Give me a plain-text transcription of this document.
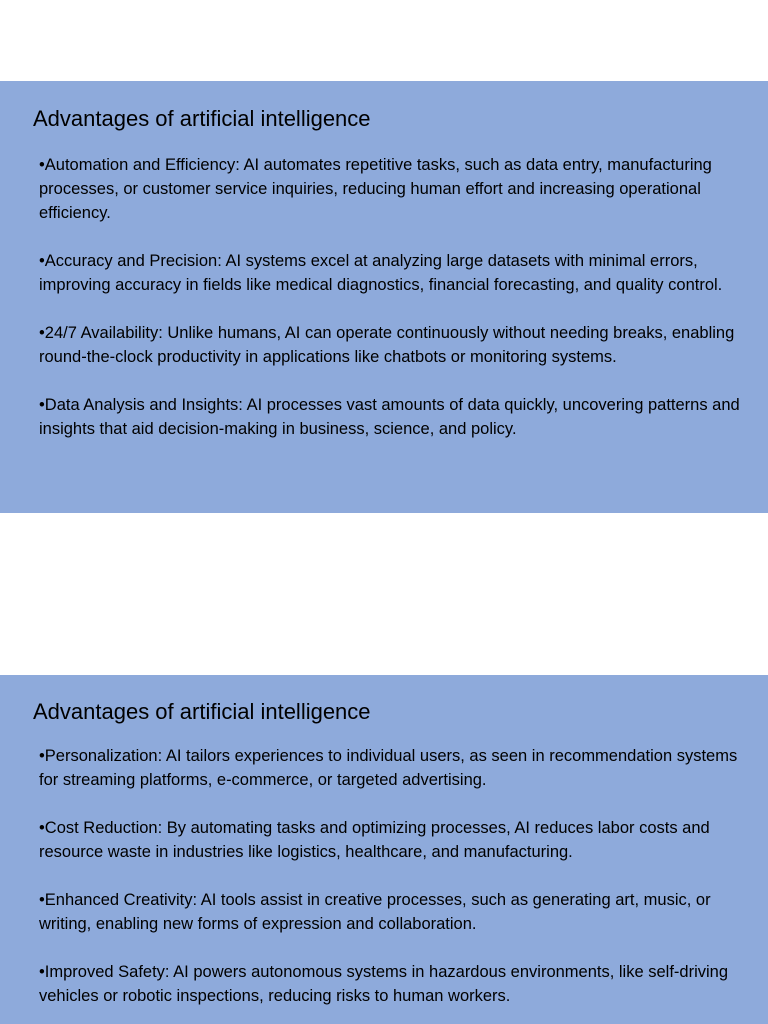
Advantages of artificial intelligence
•Automation and Efficiency: AI automates repetitive tasks, such as data entry, manufacturing processes, or customer service inquiries, reducing human effort and increasing operational efficiency.
•Accuracy and Precision: AI systems excel at analyzing large datasets with minimal errors, improving accuracy in fields like medical diagnostics, financial forecasting, and quality control.
•24/7 Availability: Unlike humans, AI can operate continuously without needing breaks, enabling round-the-clock productivity in applications like chatbots or monitoring systems.
•Data Analysis and Insights: AI processes vast amounts of data quickly, uncovering patterns and insights that aid decision-making in business, science, and policy.
Advantages of artificial intelligence
•Personalization: AI tailors experiences to individual users, as seen in recommendation systems for streaming platforms, e-commerce, or targeted advertising.
•Cost Reduction: By automating tasks and optimizing processes, AI reduces labor costs and resource waste in industries like logistics, healthcare, and manufacturing.
•Enhanced Creativity: AI tools assist in creative processes, such as generating art, music, or writing, enabling new forms of expression and collaboration.
•Improved Safety: AI powers autonomous systems in hazardous environments, like self-driving vehicles or robotic inspections, reducing risks to human workers.
